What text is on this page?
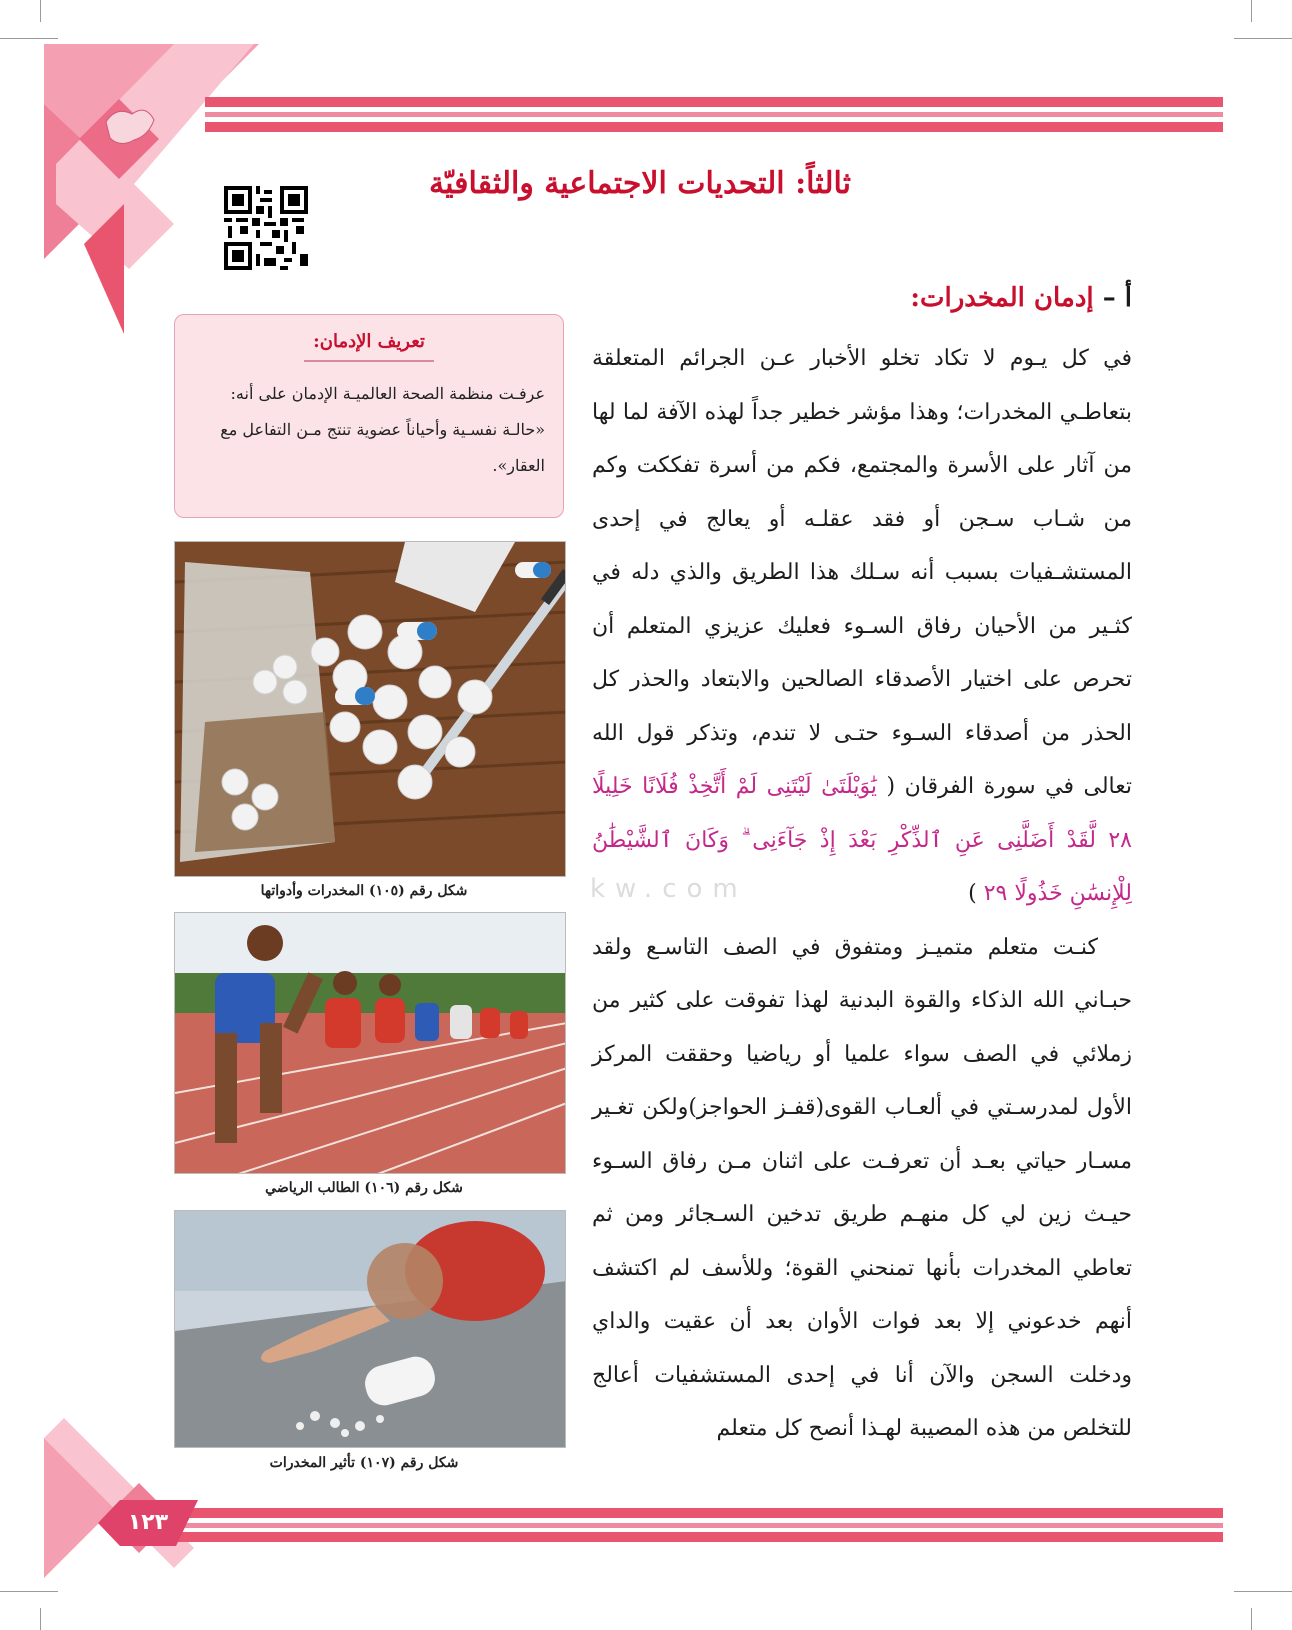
١٢٣
ثالثاً: التحديات الاجتماعية والثقافيّة
أ – إدمان المخدرات:

في كل يـوم لا تكاد تخلو الأخبار عـن الجرائم المتعلقة بتعاطـي المخدرات؛ وهذا مؤشر خطير جداً لهذه الآفة لما لها من آثار على الأسرة والمجتمع، فكم من أسرة تفككت وكم من شـاب سـجن أو فقد عقلـه أو يعالج في إحدى المستشـفيات بسبب أنه سـلك هذا الطريق والذي دله في كثـير من الأحيان رفاق السـوء فعليك عزيزي المتعلم أن تحرص على اختيار الأصدقاء الصالحين والابتعاد والحذر كل الحذر من أصدقاء السـوء حتـى لا تندم، وتذكر قول الله تعالى في سورة الفرقان ( يَٰوَيْلَتَىٰ لَيْتَنِى لَمْ أَتَّخِذْ فُلَانًا خَلِيلًا ٢٨ لَّقَدْ أَضَلَّنِى عَنِ ٱلذِّكْرِ بَعْدَ إِذْ جَآءَنِى ۗ وَكَانَ ٱلشَّيْطَٰنُ لِلْإِنسَٰنِ خَذُولًا ٢٩ )

كنـت متعلم متميـز ومتفوق في الصف التاسـع ولقد حبـاني الله الذكاء والقوة البدنية لهذا تفوقت على كثير من زملائي في الصف سواء علميا أو رياضيا وحققت المركز الأول لمدرسـتي في ألعـاب القوى(قفـز الحواجز)ولكن تغـير مسـار حياتي بعـد أن تعرفـت على اثنان مـن رفاق السـوء حيـث زين لي كل منهـم طريق تدخين السـجائر ومن ثم تعاطي المخدرات بأنها تمنحني القوة؛ وللأسف لم اكتشف أنهم خدعوني إلا بعد فوات الأوان بعد أن عقيت والداي ودخلت السجن والآن أنا في إحدى المستشفيات أعالج للتخلص من هذه المصيبة لهـذا أنصح كل متعلم

تعريف الإدمان:
عرفـت منظمة الصحة العالميـة الإدمان على أنه: «حالـة نفسـية وأحياناً عضوية تنتج مـن التفاعل مع العقار».
شكل رقم (١٠٥) المخدرات وأدواتها
شكل رقم (١٠٦) الطالب الرياضي
شكل رقم (١٠٧) تأثير المخدرات
kw.com
